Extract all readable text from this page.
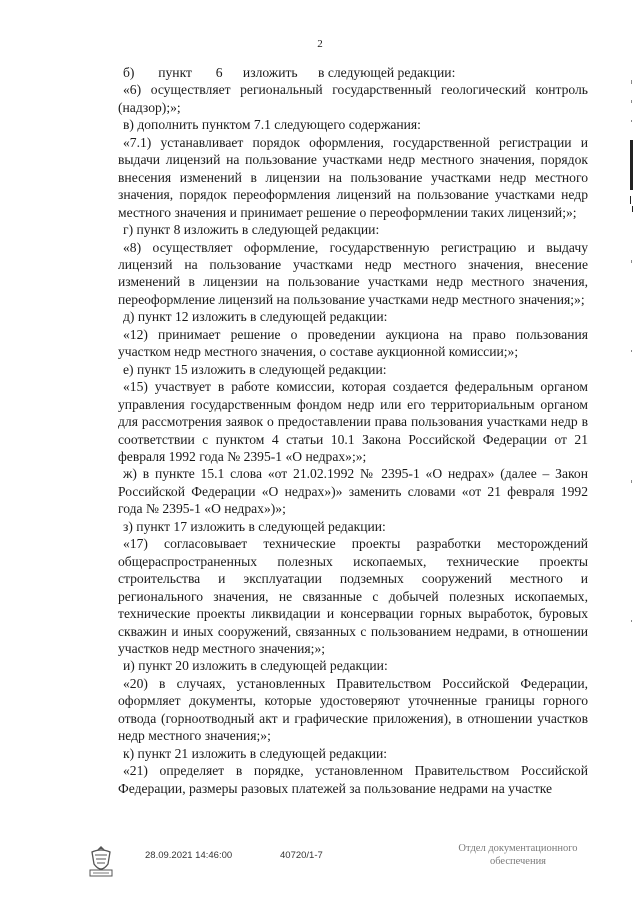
2

б)       пункт       6      изложить      в следующей редакции:

«6) осуществляет региональный государственный геологический контроль (надзор);»;

в) дополнить пунктом 7.1 следующего содержания:

«7.1) устанавливает порядок оформления, государственной регистрации и выдачи лицензий на пользование участками недр местного значения, порядок внесения изменений в лицензии на пользование участками недр местного значения, порядок переоформления лицензий на пользование участками недр местного значения и принимает решение о переоформлении таких лицензий;»;

г) пункт 8 изложить в следующей редакции:

«8) осуществляет оформление, государственную регистрацию и выдачу лицензий на пользование участками недр местного значения, внесение изменений в лицензии на пользование участками недр местного значения, переоформление лицензий на пользование участками недр местного значения;»;

д) пункт 12 изложить в следующей редакции:

«12) принимает решение о проведении аукциона на право пользования участком недр местного значения, о составе аукционной комиссии;»;

е) пункт 15 изложить в следующей редакции:

«15) участвует в работе комиссии, которая создается федеральным органом управления государственным фондом недр или его территориальным органом для рассмотрения заявок о предоставлении права пользования участками недр в соответствии с пунктом 4 статьи 10.1 Закона Российской Федерации от 21 февраля 1992 года № 2395-1 «О недрах»;»;

ж) в пункте 15.1 слова «от 21.02.1992 № 2395-1 «О недрах» (далее – Закон Российской Федерации «О недрах»)» заменить словами «от 21 февраля 1992 года № 2395-1 «О недрах»)»;

з) пункт 17 изложить в следующей редакции:

«17) согласовывает технические проекты разработки месторождений общераспространенных полезных ископаемых, технические проекты строительства и эксплуатации подземных сооружений местного и регионального значения, не связанные с добычей полезных ископаемых, технические проекты ликвидации и консервации горных выработок, буровых скважин и иных сооружений, связанных с пользованием недрами, в отношении участков недр местного значения;»;

и) пункт 20 изложить в следующей редакции:

«20) в случаях, установленных Правительством Российской Федерации, оформляет документы, которые удостоверяют уточненные границы горного отвода (горноотводный акт и графические приложения), в отношении участков недр местного значения;»;

к) пункт 21 изложить в следующей редакции:

«21) определяет в порядке, установленном Правительством Российской Федерации, размеры разовых платежей за пользование недрами на участке

28.09.2021 14:46:00	40720/1-7
Отдел документационного
обеспечения
